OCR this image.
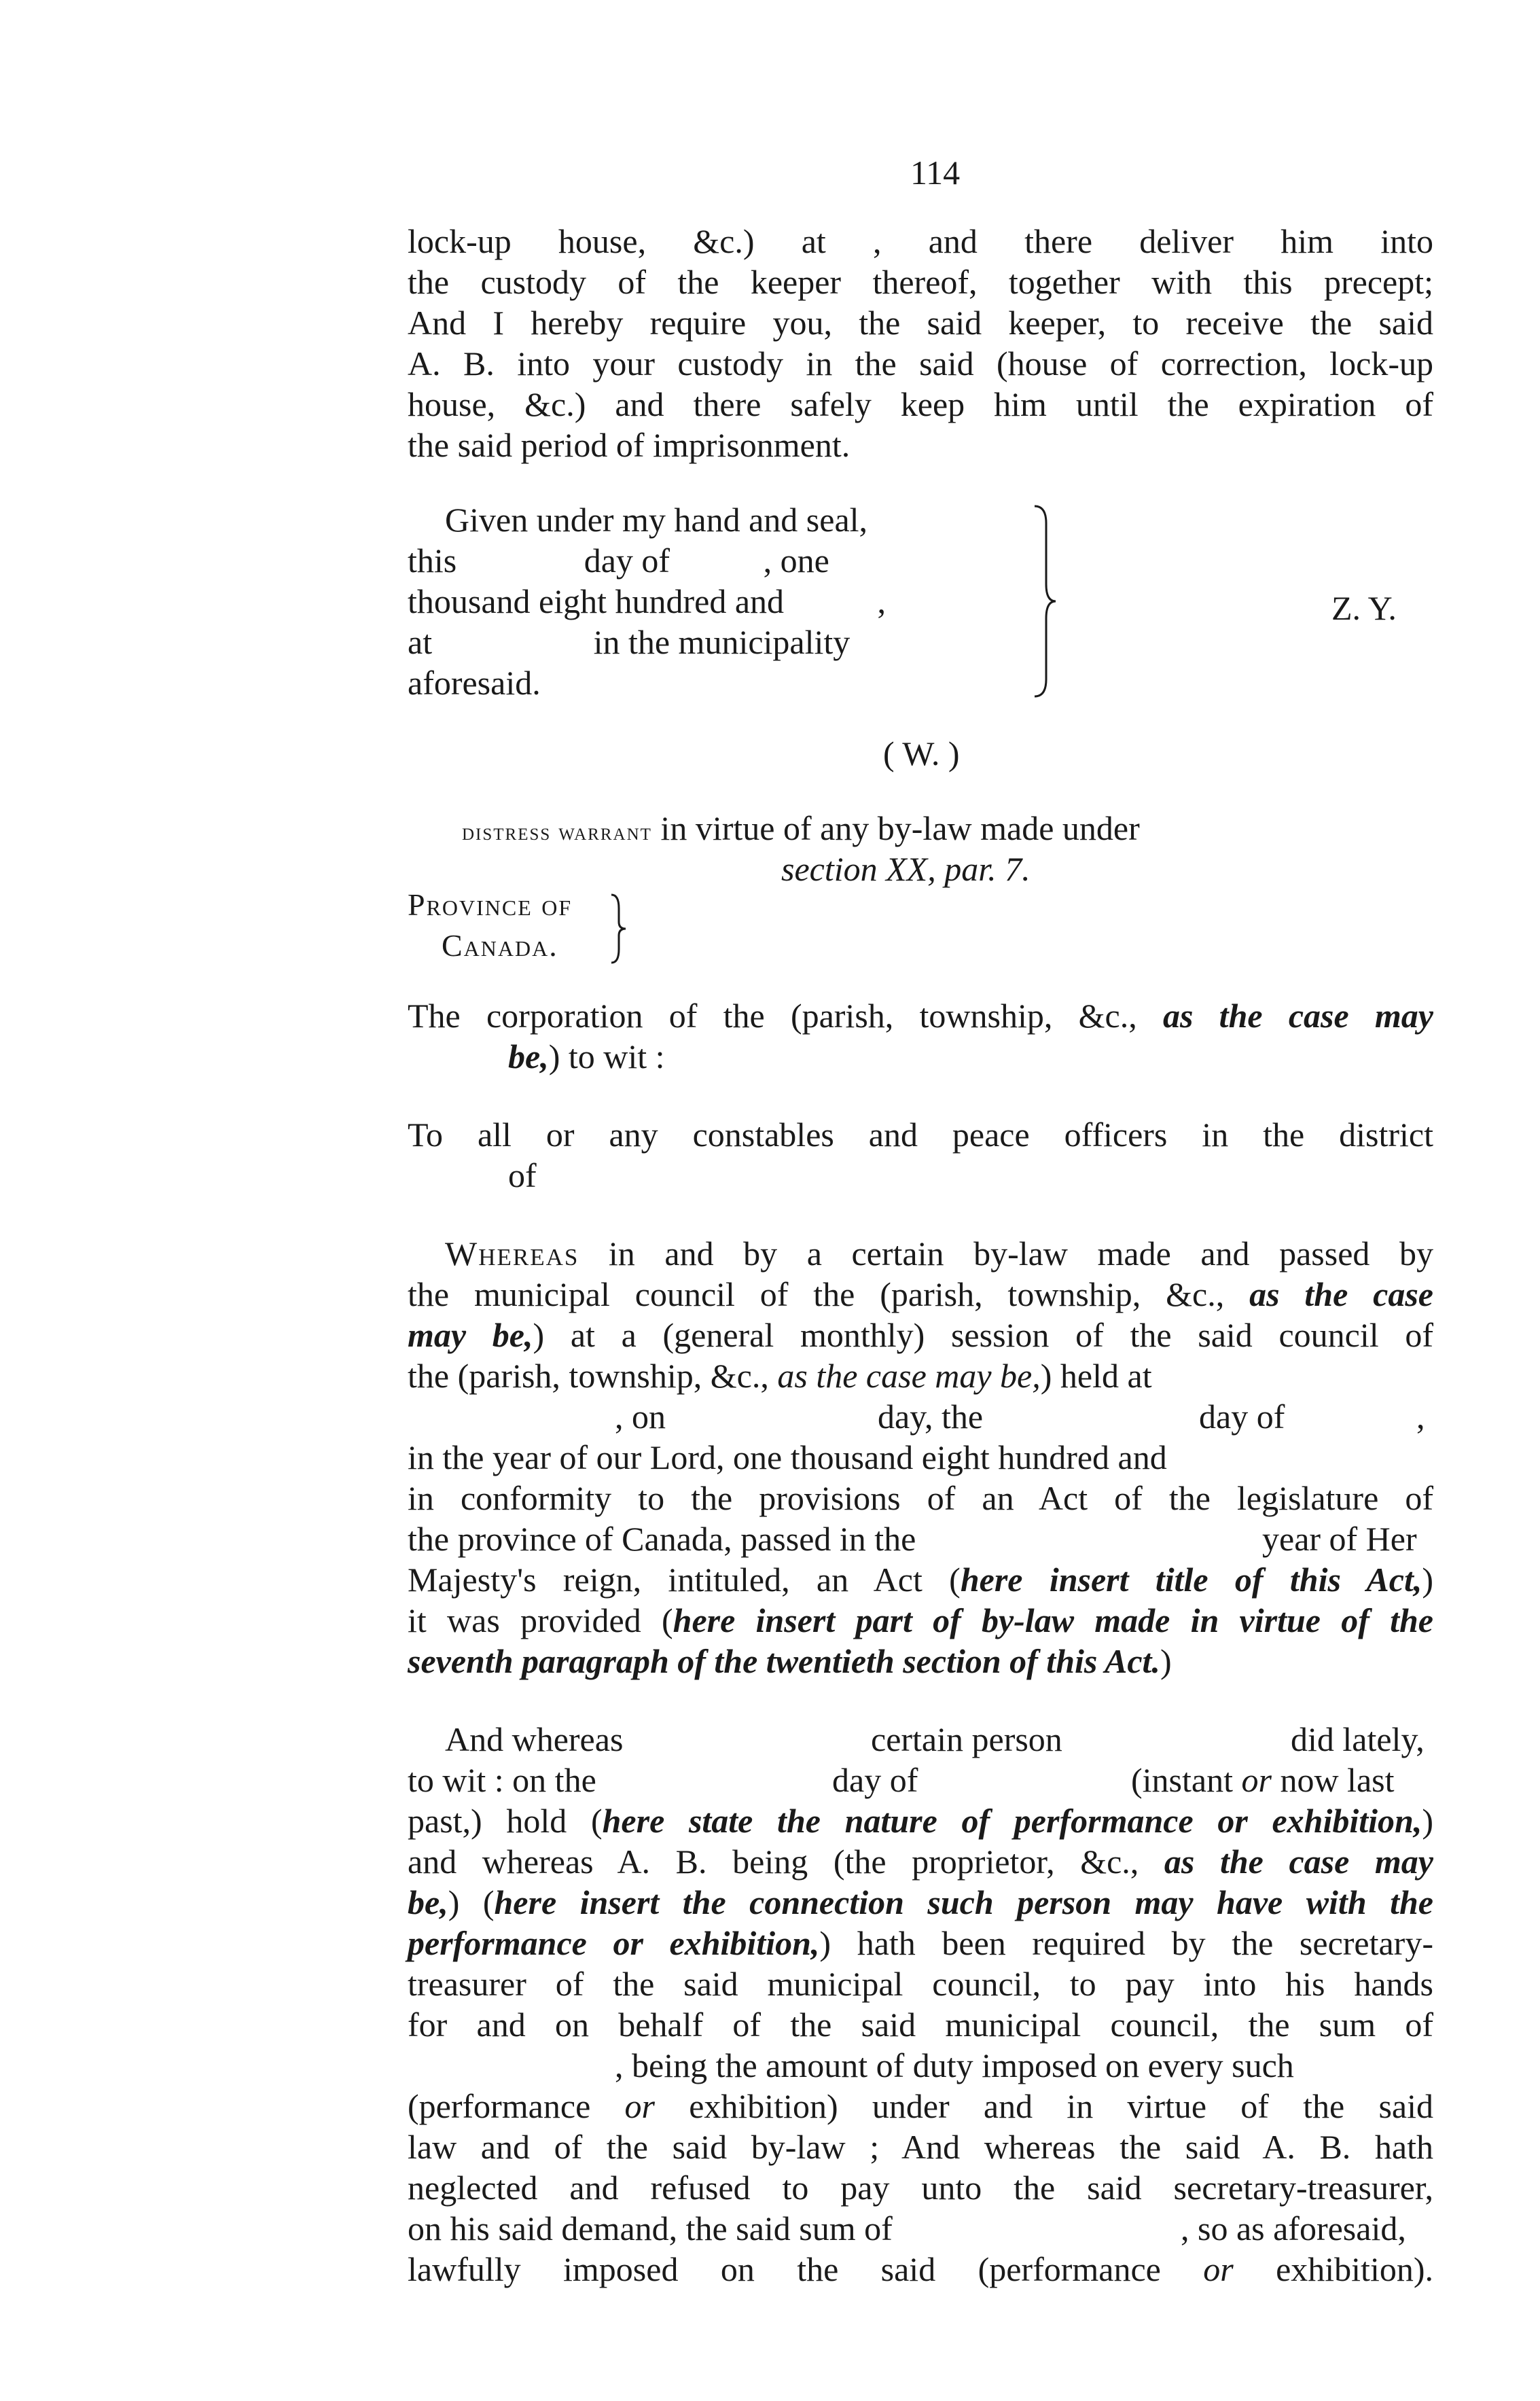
114
lock-up house, &c.) at , and there deliver him into
the custody of the keeper thereof, together with this precept;
And I hereby require you, the said keeper, to receive the said
A. B. into your custody in the said (house of correction, lock-up
house, &c.) and there safely keep him until the expiration of
the said period of imprisonment.
Given under my hand and seal,
this               day of           , one
thousand eight hundred and           ,
at                   in the municipality
aforesaid.
Z. Y.
( W. )
distress warrant in virtue of any by-law made under
section XX, par. 7.
Province of
Canada.
The corporation of the (parish, township, &c., as the case may
be,) to wit :
To all or any constables and peace officers in the district
of
Whereas in and by a certain by-law made and passed by
the municipal council of the (parish, township, &c., as the case
may be,) at a (general monthly) session of the said council of
the (parish, township, &c., as the case may be,) held at
, on	day, the	day of	,
in the year of our Lord, one thousand eight hundred and
in conformity to the provisions of an Act of the legislature of
the province of Canada, passed in the	year of Her
Majesty's reign, intituled, an Act (here insert title of this Act,)
it was provided (here insert part of by-law made in virtue of the
seventh paragraph of the twentieth section of this Act.)
And whereas	certain person	did lately,
to wit : on the	day of	(instant or now last
past,) hold (here state the nature of performance or exhibition,)
and whereas A. B. being (the proprietor, &c., as the case may
be,) (here insert the connection such person may have with the
performance or exhibition,) hath been required by the secretary-
treasurer of the said municipal council, to pay into his hands
for and on behalf of the said municipal council, the sum of
, being the amount of duty imposed on every such
(performance or exhibition) under and in virtue of the said
law and of the said by-law ; And whereas the said A. B. hath
neglected and refused to pay unto the said secretary-treasurer,
on his said demand, the said sum of	, so as aforesaid,
lawfully imposed on the said (performance or exhibition).
